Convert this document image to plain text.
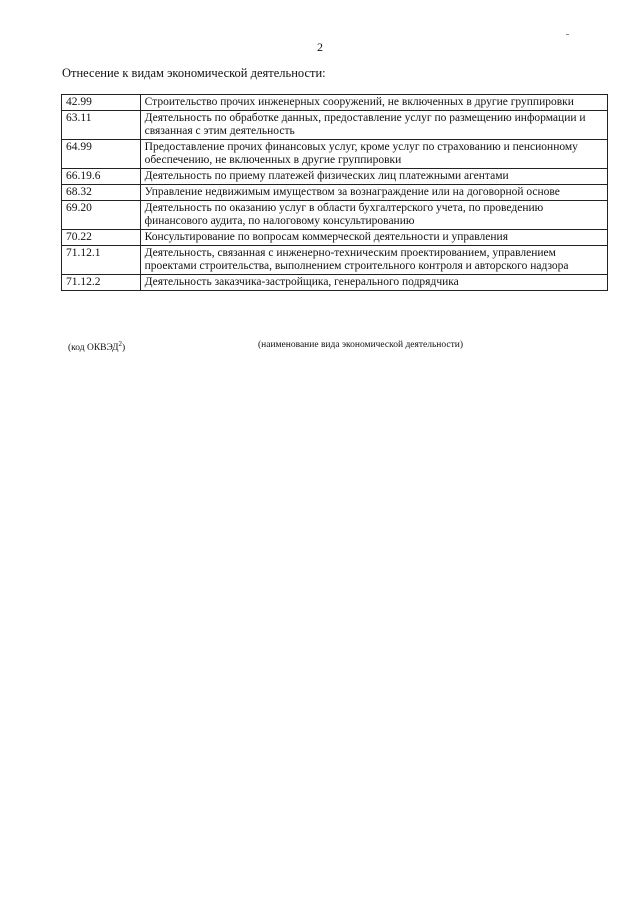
2
Отнесение к видам экономической деятельности:
42.99	Строительство прочих инженерных сооружений, не включенных в другие группировки
63.11	Деятельность по обработке данных, предоставление услуг по размещению информации и связанная с этим деятельность
64.99	Предоставление прочих финансовых услуг, кроме услуг по страхованию и пенсионному обеспечению, не включенных в другие группировки
66.19.6	Деятельность по приему платежей физических лиц платежными агентами
68.32	Управление недвижимым имуществом за вознаграждение или на договорной основе
69.20	Деятельность по оказанию услуг в области бухгалтерского учета, по проведению финансового аудита, по налоговому консультированию
70.22	Консультирование по вопросам коммерческой деятельности и управления
71.12.1	Деятельность, связанная с инженерно-техническим проектированием, управлением проектами строительства, выполнением строительного контроля и авторского надзора
71.12.2	Деятельность заказчика-застройщика, генерального подрядчика
(код ОКВЭД$^2$)	(наименование вида экономической деятельности)
